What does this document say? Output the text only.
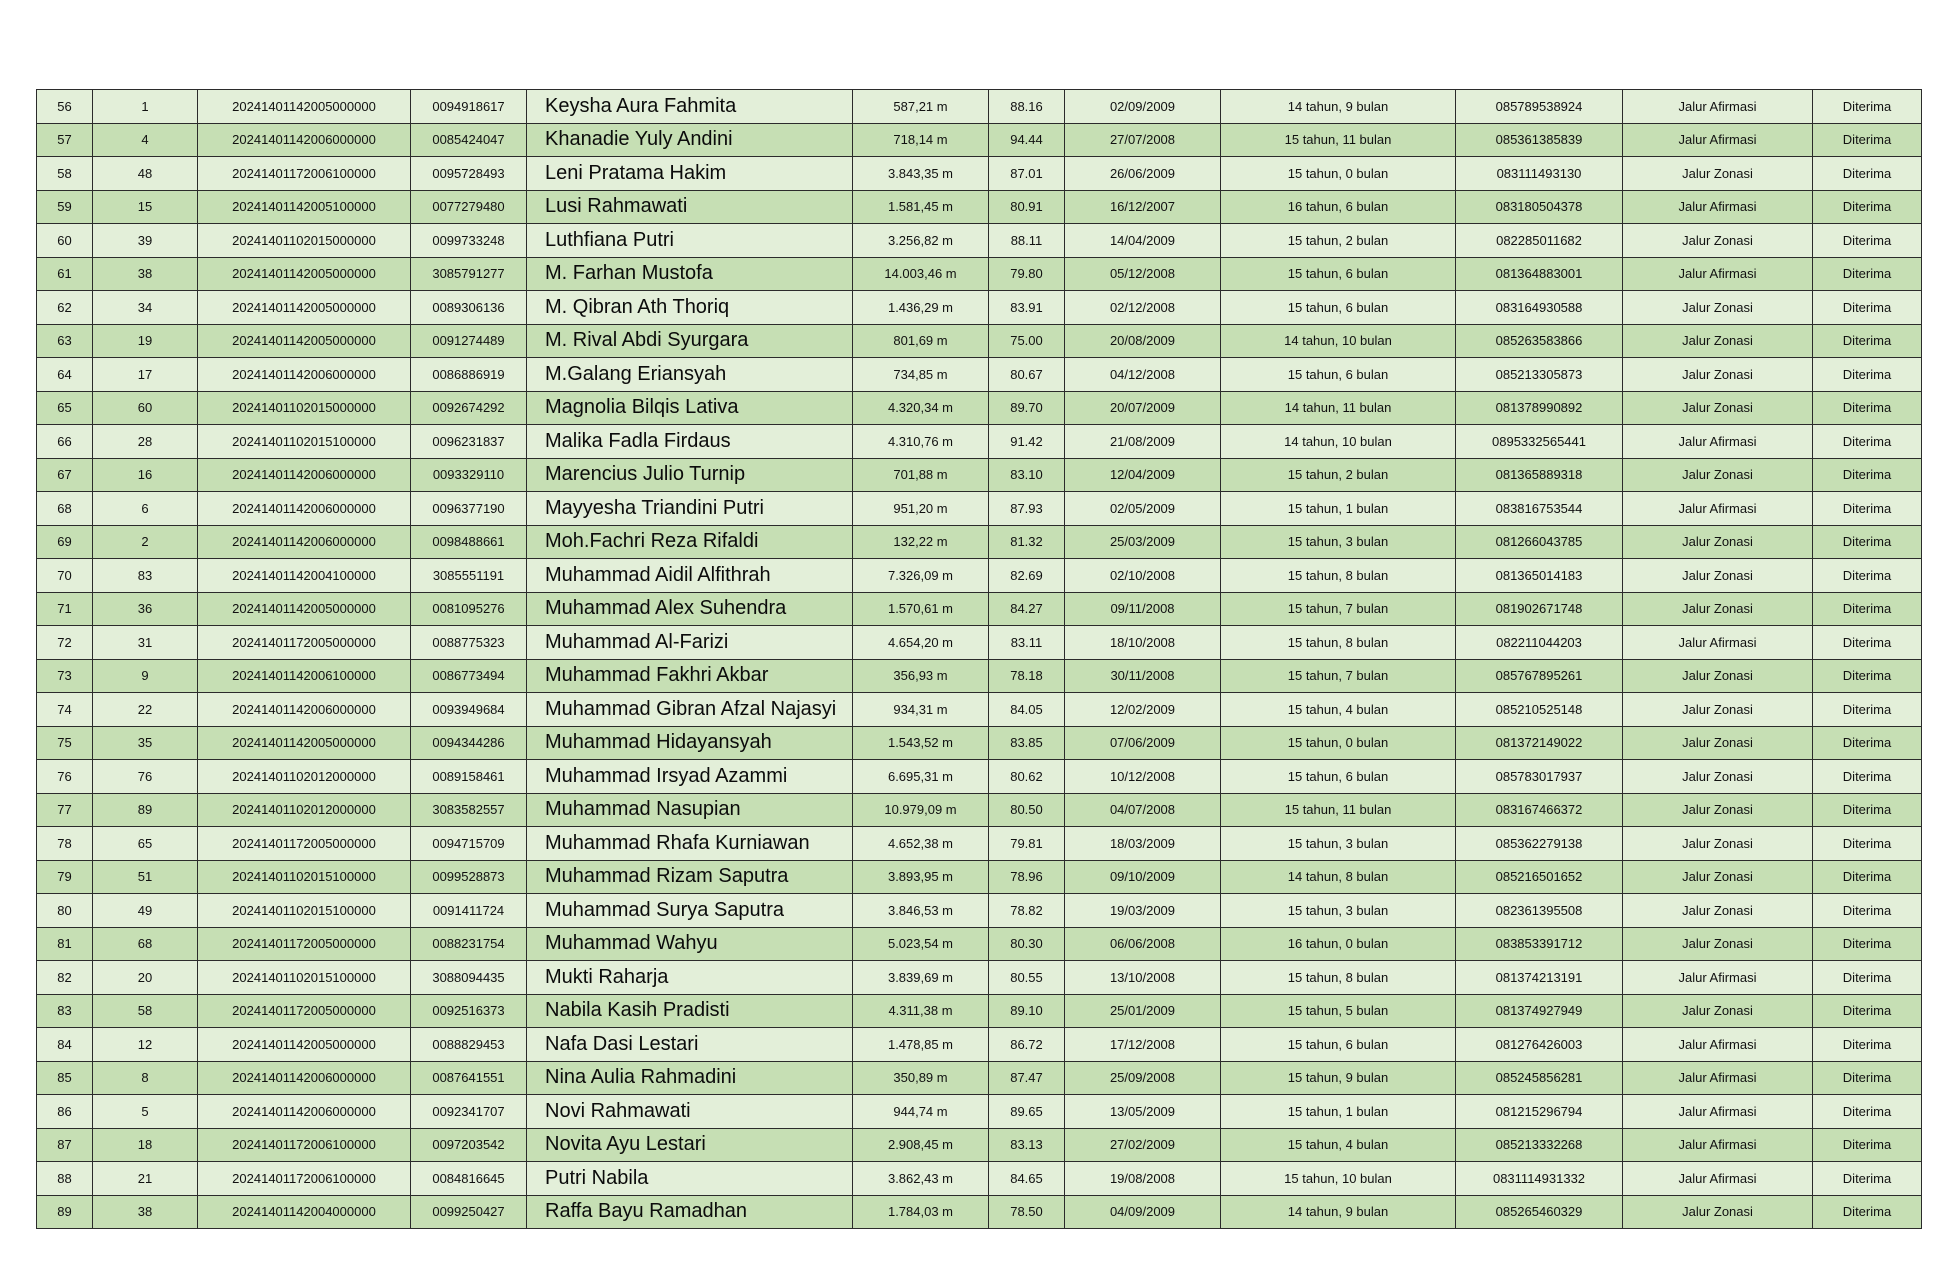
56	1	20241401142005000000	0094918617	Keysha Aura Fahmita	587,21 m	88.16	02/09/2009	14 tahun, 9 bulan	085789538924	Jalur Afirmasi	Diterima
57	4	20241401142006000000	0085424047	Khanadie Yuly Andini	718,14 m	94.44	27/07/2008	15 tahun, 11 bulan	085361385839	Jalur Afirmasi	Diterima
58	48	20241401172006100000	0095728493	Leni Pratama Hakim	3.843,35 m	87.01	26/06/2009	15 tahun, 0 bulan	083111493130	Jalur Zonasi	Diterima
59	15	20241401142005100000	0077279480	Lusi Rahmawati	1.581,45 m	80.91	16/12/2007	16 tahun, 6 bulan	083180504378	Jalur Afirmasi	Diterima
60	39	20241401102015000000	0099733248	Luthfiana Putri	3.256,82 m	88.11	14/04/2009	15 tahun, 2 bulan	082285011682	Jalur Zonasi	Diterima
61	38	20241401142005000000	3085791277	M. Farhan Mustofa	14.003,46 m	79.80	05/12/2008	15 tahun, 6 bulan	081364883001	Jalur Afirmasi	Diterima
62	34	20241401142005000000	0089306136	M. Qibran Ath Thoriq	1.436,29 m	83.91	02/12/2008	15 tahun, 6 bulan	083164930588	Jalur Zonasi	Diterima
63	19	20241401142005000000	0091274489	M. Rival Abdi Syurgara	801,69 m	75.00	20/08/2009	14 tahun, 10 bulan	085263583866	Jalur Zonasi	Diterima
64	17	20241401142006000000	0086886919	M.Galang Eriansyah	734,85 m	80.67	04/12/2008	15 tahun, 6 bulan	085213305873	Jalur Zonasi	Diterima
65	60	20241401102015000000	0092674292	Magnolia Bilqis Lativa	4.320,34 m	89.70	20/07/2009	14 tahun, 11 bulan	081378990892	Jalur Zonasi	Diterima
66	28	20241401102015100000	0096231837	Malika Fadla Firdaus	4.310,76 m	91.42	21/08/2009	14 tahun, 10 bulan	0895332565441	Jalur Afirmasi	Diterima
67	16	20241401142006000000	0093329110	Marencius Julio Turnip	701,88 m	83.10	12/04/2009	15 tahun, 2 bulan	081365889318	Jalur Zonasi	Diterima
68	6	20241401142006000000	0096377190	Mayyesha Triandini Putri	951,20 m	87.93	02/05/2009	15 tahun, 1 bulan	083816753544	Jalur Afirmasi	Diterima
69	2	20241401142006000000	0098488661	Moh.Fachri Reza Rifaldi	132,22 m	81.32	25/03/2009	15 tahun, 3 bulan	081266043785	Jalur Zonasi	Diterima
70	83	20241401142004100000	3085551191	Muhammad Aidil Alfithrah	7.326,09 m	82.69	02/10/2008	15 tahun, 8 bulan	081365014183	Jalur Zonasi	Diterima
71	36	20241401142005000000	0081095276	Muhammad Alex Suhendra	1.570,61 m	84.27	09/11/2008	15 tahun, 7 bulan	081902671748	Jalur Zonasi	Diterima
72	31	20241401172005000000	0088775323	Muhammad Al-Farizi	4.654,20 m	83.11	18/10/2008	15 tahun, 8 bulan	082211044203	Jalur Afirmasi	Diterima
73	9	20241401142006100000	0086773494	Muhammad Fakhri Akbar	356,93 m	78.18	30/11/2008	15 tahun, 7 bulan	085767895261	Jalur Zonasi	Diterima
74	22	20241401142006000000	0093949684	Muhammad Gibran Afzal Najasyi	934,31 m	84.05	12/02/2009	15 tahun, 4 bulan	085210525148	Jalur Zonasi	Diterima
75	35	20241401142005000000	0094344286	Muhammad Hidayansyah	1.543,52 m	83.85	07/06/2009	15 tahun, 0 bulan	081372149022	Jalur Zonasi	Diterima
76	76	20241401102012000000	0089158461	Muhammad Irsyad Azammi	6.695,31 m	80.62	10/12/2008	15 tahun, 6 bulan	085783017937	Jalur Zonasi	Diterima
77	89	20241401102012000000	3083582557	Muhammad Nasupian	10.979,09 m	80.50	04/07/2008	15 tahun, 11 bulan	083167466372	Jalur Zonasi	Diterima
78	65	20241401172005000000	0094715709	Muhammad Rhafa Kurniawan	4.652,38 m	79.81	18/03/2009	15 tahun, 3 bulan	085362279138	Jalur Zonasi	Diterima
79	51	20241401102015100000	0099528873	Muhammad Rizam Saputra	3.893,95 m	78.96	09/10/2009	14 tahun, 8 bulan	085216501652	Jalur Zonasi	Diterima
80	49	20241401102015100000	0091411724	Muhammad Surya Saputra	3.846,53 m	78.82	19/03/2009	15 tahun, 3 bulan	082361395508	Jalur Zonasi	Diterima
81	68	20241401172005000000	0088231754	Muhammad Wahyu	5.023,54 m	80.30	06/06/2008	16 tahun, 0 bulan	083853391712	Jalur Zonasi	Diterima
82	20	20241401102015100000	3088094435	Mukti Raharja	3.839,69 m	80.55	13/10/2008	15 tahun, 8 bulan	081374213191	Jalur Afirmasi	Diterima
83	58	20241401172005000000	0092516373	Nabila Kasih Pradisti	4.311,38 m	89.10	25/01/2009	15 tahun, 5 bulan	081374927949	Jalur Zonasi	Diterima
84	12	20241401142005000000	0088829453	Nafa Dasi Lestari	1.478,85 m	86.72	17/12/2008	15 tahun, 6 bulan	081276426003	Jalur Afirmasi	Diterima
85	8	20241401142006000000	0087641551	Nina Aulia Rahmadini	350,89 m	87.47	25/09/2008	15 tahun, 9 bulan	085245856281	Jalur Afirmasi	Diterima
86	5	20241401142006000000	0092341707	Novi Rahmawati	944,74 m	89.65	13/05/2009	15 tahun, 1 bulan	081215296794	Jalur Afirmasi	Diterima
87	18	20241401172006100000	0097203542	Novita Ayu Lestari	2.908,45 m	83.13	27/02/2009	15 tahun, 4 bulan	085213332268	Jalur Afirmasi	Diterima
88	21	20241401172006100000	0084816645	Putri Nabila	3.862,43 m	84.65	19/08/2008	15 tahun, 10 bulan	0831114931332	Jalur Afirmasi	Diterima
89	38	20241401142004000000	0099250427	Raffa Bayu Ramadhan	1.784,03 m	78.50	04/09/2009	14 tahun, 9 bulan	085265460329	Jalur Zonasi	Diterima
